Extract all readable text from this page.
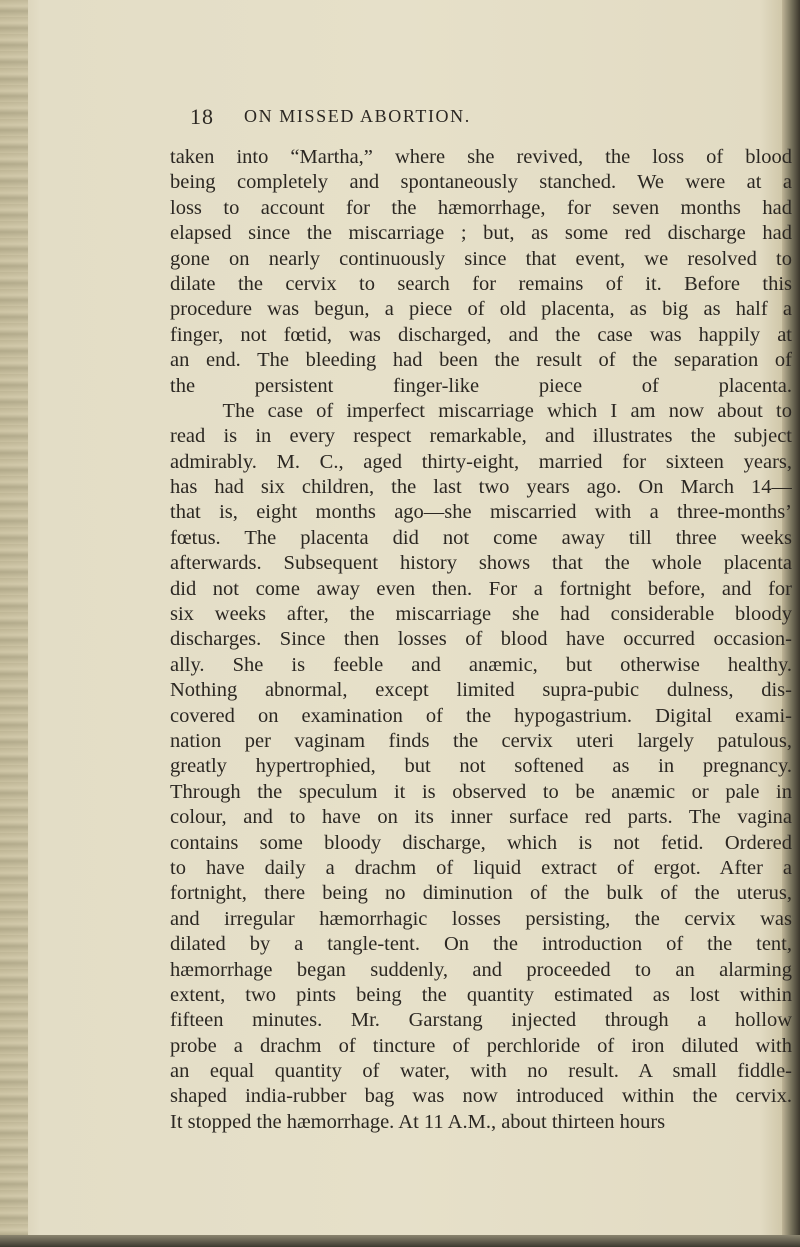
18 ON MISSED ABORTION.
taken into “Martha,” where she revived, the loss of blood
being completely and spontaneously stanched. We were at a
loss to account for the hæmorrhage, for seven months had
elapsed since the miscarriage ; but, as some red discharge had
gone on nearly continuously since that event, we resolved to
dilate the cervix to search for remains of it. Before this
procedure was begun, a piece of old placenta, as big as half a
finger, not fœtid, was discharged, and the case was happily at
an end. The bleeding had been the result of the separation of
the persistent finger-like piece of placenta.
The case of imperfect miscarriage which I am now about to
read is in every respect remarkable, and illustrates the subject
admirably. M. C., aged thirty-eight, married for sixteen years,
has had six children, the last two years ago. On March 14—
that is, eight months ago—she miscarried with a three-months’
fœtus. The placenta did not come away till three weeks
afterwards. Subsequent history shows that the whole placenta
did not come away even then. For a fortnight before, and for
six weeks after, the miscarriage she had considerable bloody
discharges. Since then losses of blood have occurred occasion-
ally. She is feeble and anæmic, but otherwise healthy.
Nothing abnormal, except limited supra-pubic dulness, dis-
covered on examination of the hypogastrium. Digital exami-
nation per vaginam finds the cervix uteri largely patulous,
greatly hypertrophied, but not softened as in pregnancy.
Through the speculum it is observed to be anæmic or pale in
colour, and to have on its inner surface red parts. The vagina
contains some bloody discharge, which is not fetid. Ordered
to have daily a drachm of liquid extract of ergot. After a
fortnight, there being no diminution of the bulk of the uterus,
and irregular hæmorrhagic losses persisting, the cervix was
dilated by a tangle-tent. On the introduction of the tent,
hæmorrhage began suddenly, and proceeded to an alarming
extent, two pints being the quantity estimated as lost within
fifteen minutes. Mr. Garstang injected through a hollow
probe a drachm of tincture of perchloride of iron diluted with
an equal quantity of water, with no result. A small fiddle-
shaped india-rubber bag was now introduced within the cervix.
It stopped the hæmorrhage. At 11 A.M., about thirteen hours
